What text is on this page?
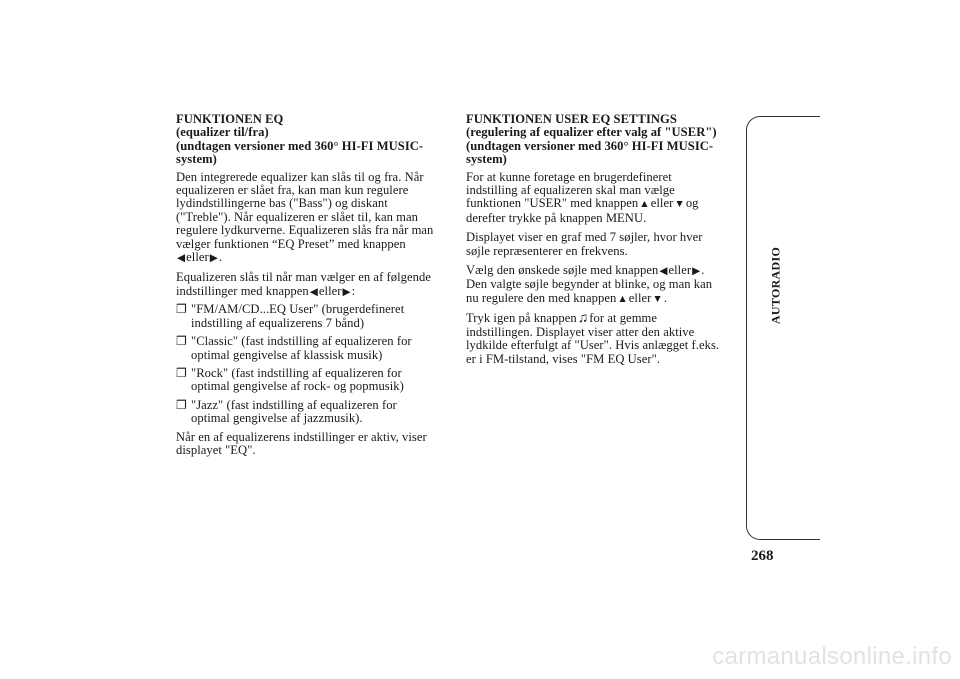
FUNKTIONEN EQ
(equalizer til/fra)
(undtagen versioner med 360° HI-FI MUSIC-
system)
Den integrerede equalizer kan slås til og fra. Når
equalizeren er slået fra, kan man kun regulere
lydindstillingerne bas ("Bass") og diskant
("Treble"). Når equalizeren er slået til, kan man
regulere lydkurverne. Equalizeren slås fra når man
vælger funktionen “EQ Preset” med knappen
◀eller▶.
Equalizeren slås til når man vælger en af følgende
indstillinger med knappen◀eller▶:
❒ "FM/AM/CD...EQ User" (brugerdefineret
indstilling af equalizerens 7 bånd)
❒ "Classic" (fast indstilling af equalizeren for
optimal gengivelse af klassisk musik)
❒ "Rock" (fast indstilling af equalizeren for
optimal gengivelse af rock- og popmusik)
❒ "Jazz" (fast indstilling af equalizeren for
optimal gengivelse af jazzmusik).
Når en af equalizerens indstillinger er aktiv, viser
displayet "EQ".
FUNKTIONEN USER EQ SETTINGS
(regulering af equalizer efter valg af "USER")
(undtagen versioner med 360° HI-FI MUSIC-
system)
For at kunne foretage en brugerdefineret
indstilling af equalizeren skal man vælge
funktionen "USER" med knappen▲eller▼og
derefter trykke på knappen MENU.
Displayet viser en graf med 7 søjler, hvor hver
søjle repræsenterer en frekvens.
Vælg den ønskede søjle med knappen◀eller▶.
Den valgte søjle begynder at blinke, og man kan
nu regulere den med knappen▲eller▼.
Tryk igen på knappen♫for at gemme
indstillingen. Displayet viser atter den aktive
lydkilde efterfulgt af "User". Hvis anlægget f.eks.
er i FM-tilstand, vises "FM EQ User".
AUTORADIO
268
carmanualsonline.info
